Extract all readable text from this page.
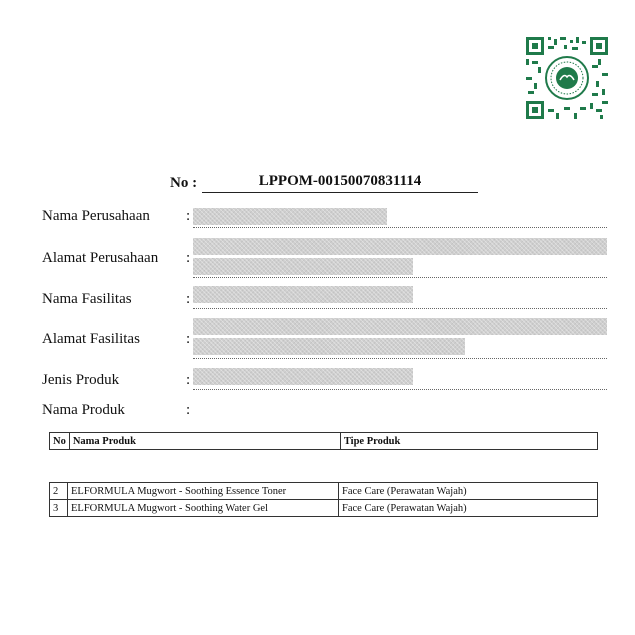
No :	LPPOM-00150070831114
Nama Perusahaan :
Alamat Perusahaan :
Nama Fasilitas	:
Alamat Fasilitas	:
Jenis Produk	:
Nama Produk	:
No	Nama Produk	Tipe Produk
2	ELFORMULA Mugwort - Soothing Essence Toner	Face Care (Perawatan Wajah)
3	ELFORMULA Mugwort - Soothing Water Gel	Face Care (Perawatan Wajah)
